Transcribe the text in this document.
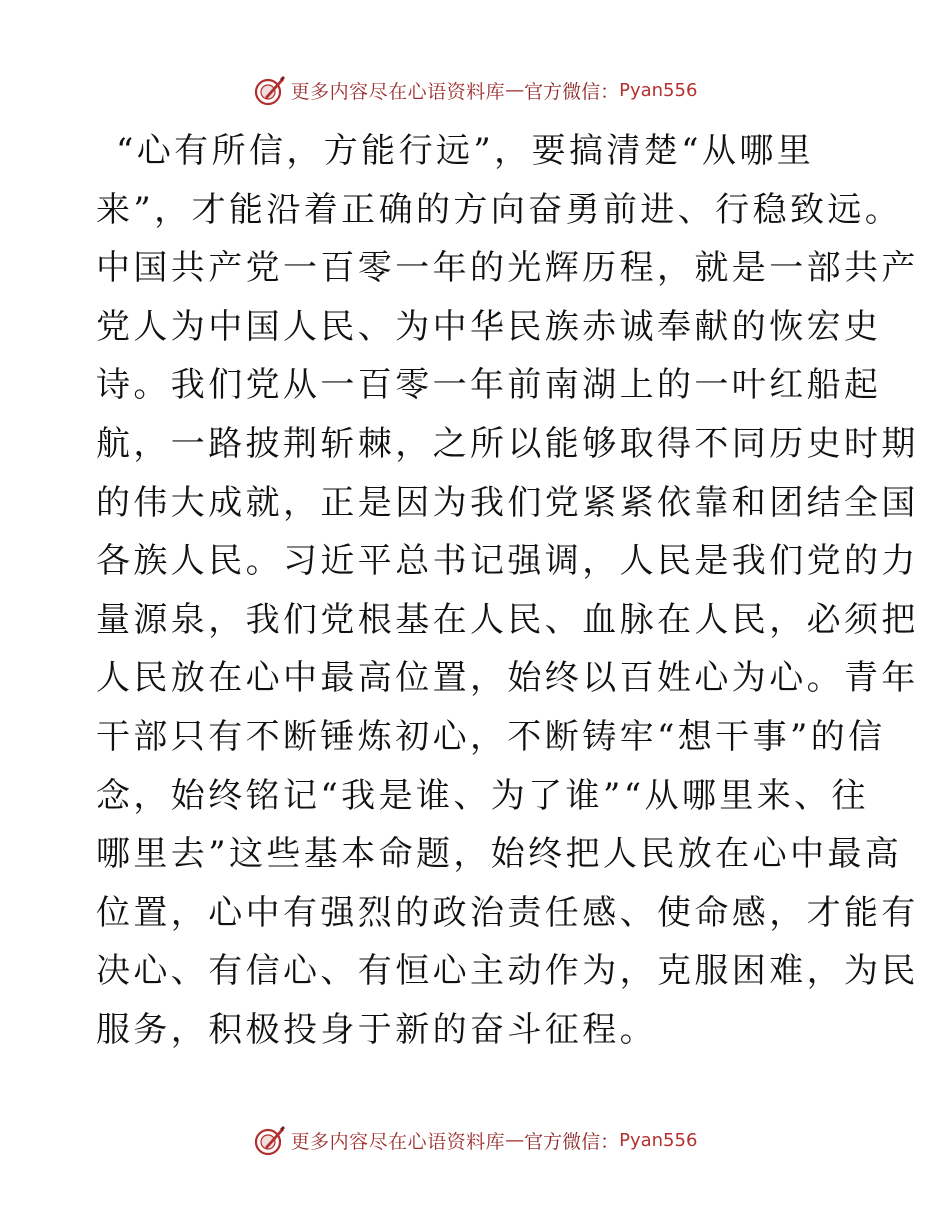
更多内容尽在心语资料库 — 官方微信： Pyan556
“心有所信，方能行远”，要搞清楚“从哪里
来”，才能沿着正确的方向奋勇前进、行稳致远。
中国共产党一百零一年的光辉历程，就是一部共产
党人为中国人民、为中华民族赤诚奉献的恢宏史
诗。我们党从一百零一年前南湖上的一叶红船起
航，一路披荆斩棘，之所以能够取得不同历史时期
的伟大成就，正是因为我们党紧紧依靠和团结全国
各族人民。习近平总书记强调，人民是我们党的力
量源泉，我们党根基在人民、血脉在人民，必须把
人民放在心中最高位置，始终以百姓心为心。青年
干部只有不断锤炼初心，不断铸牢“想干事”的信
念，始终铭记“我是谁、为了谁”“从哪里来、往
哪里去”这些基本命题，始终把人民放在心中最高
位置，心中有强烈的政治责任感、使命感，才能有
决心、有信心、有恒心主动作为，克服困难，为民
服务，积极投身于新的奋斗征程。
更多内容尽在心语资料库 — 官方微信： Pyan556
